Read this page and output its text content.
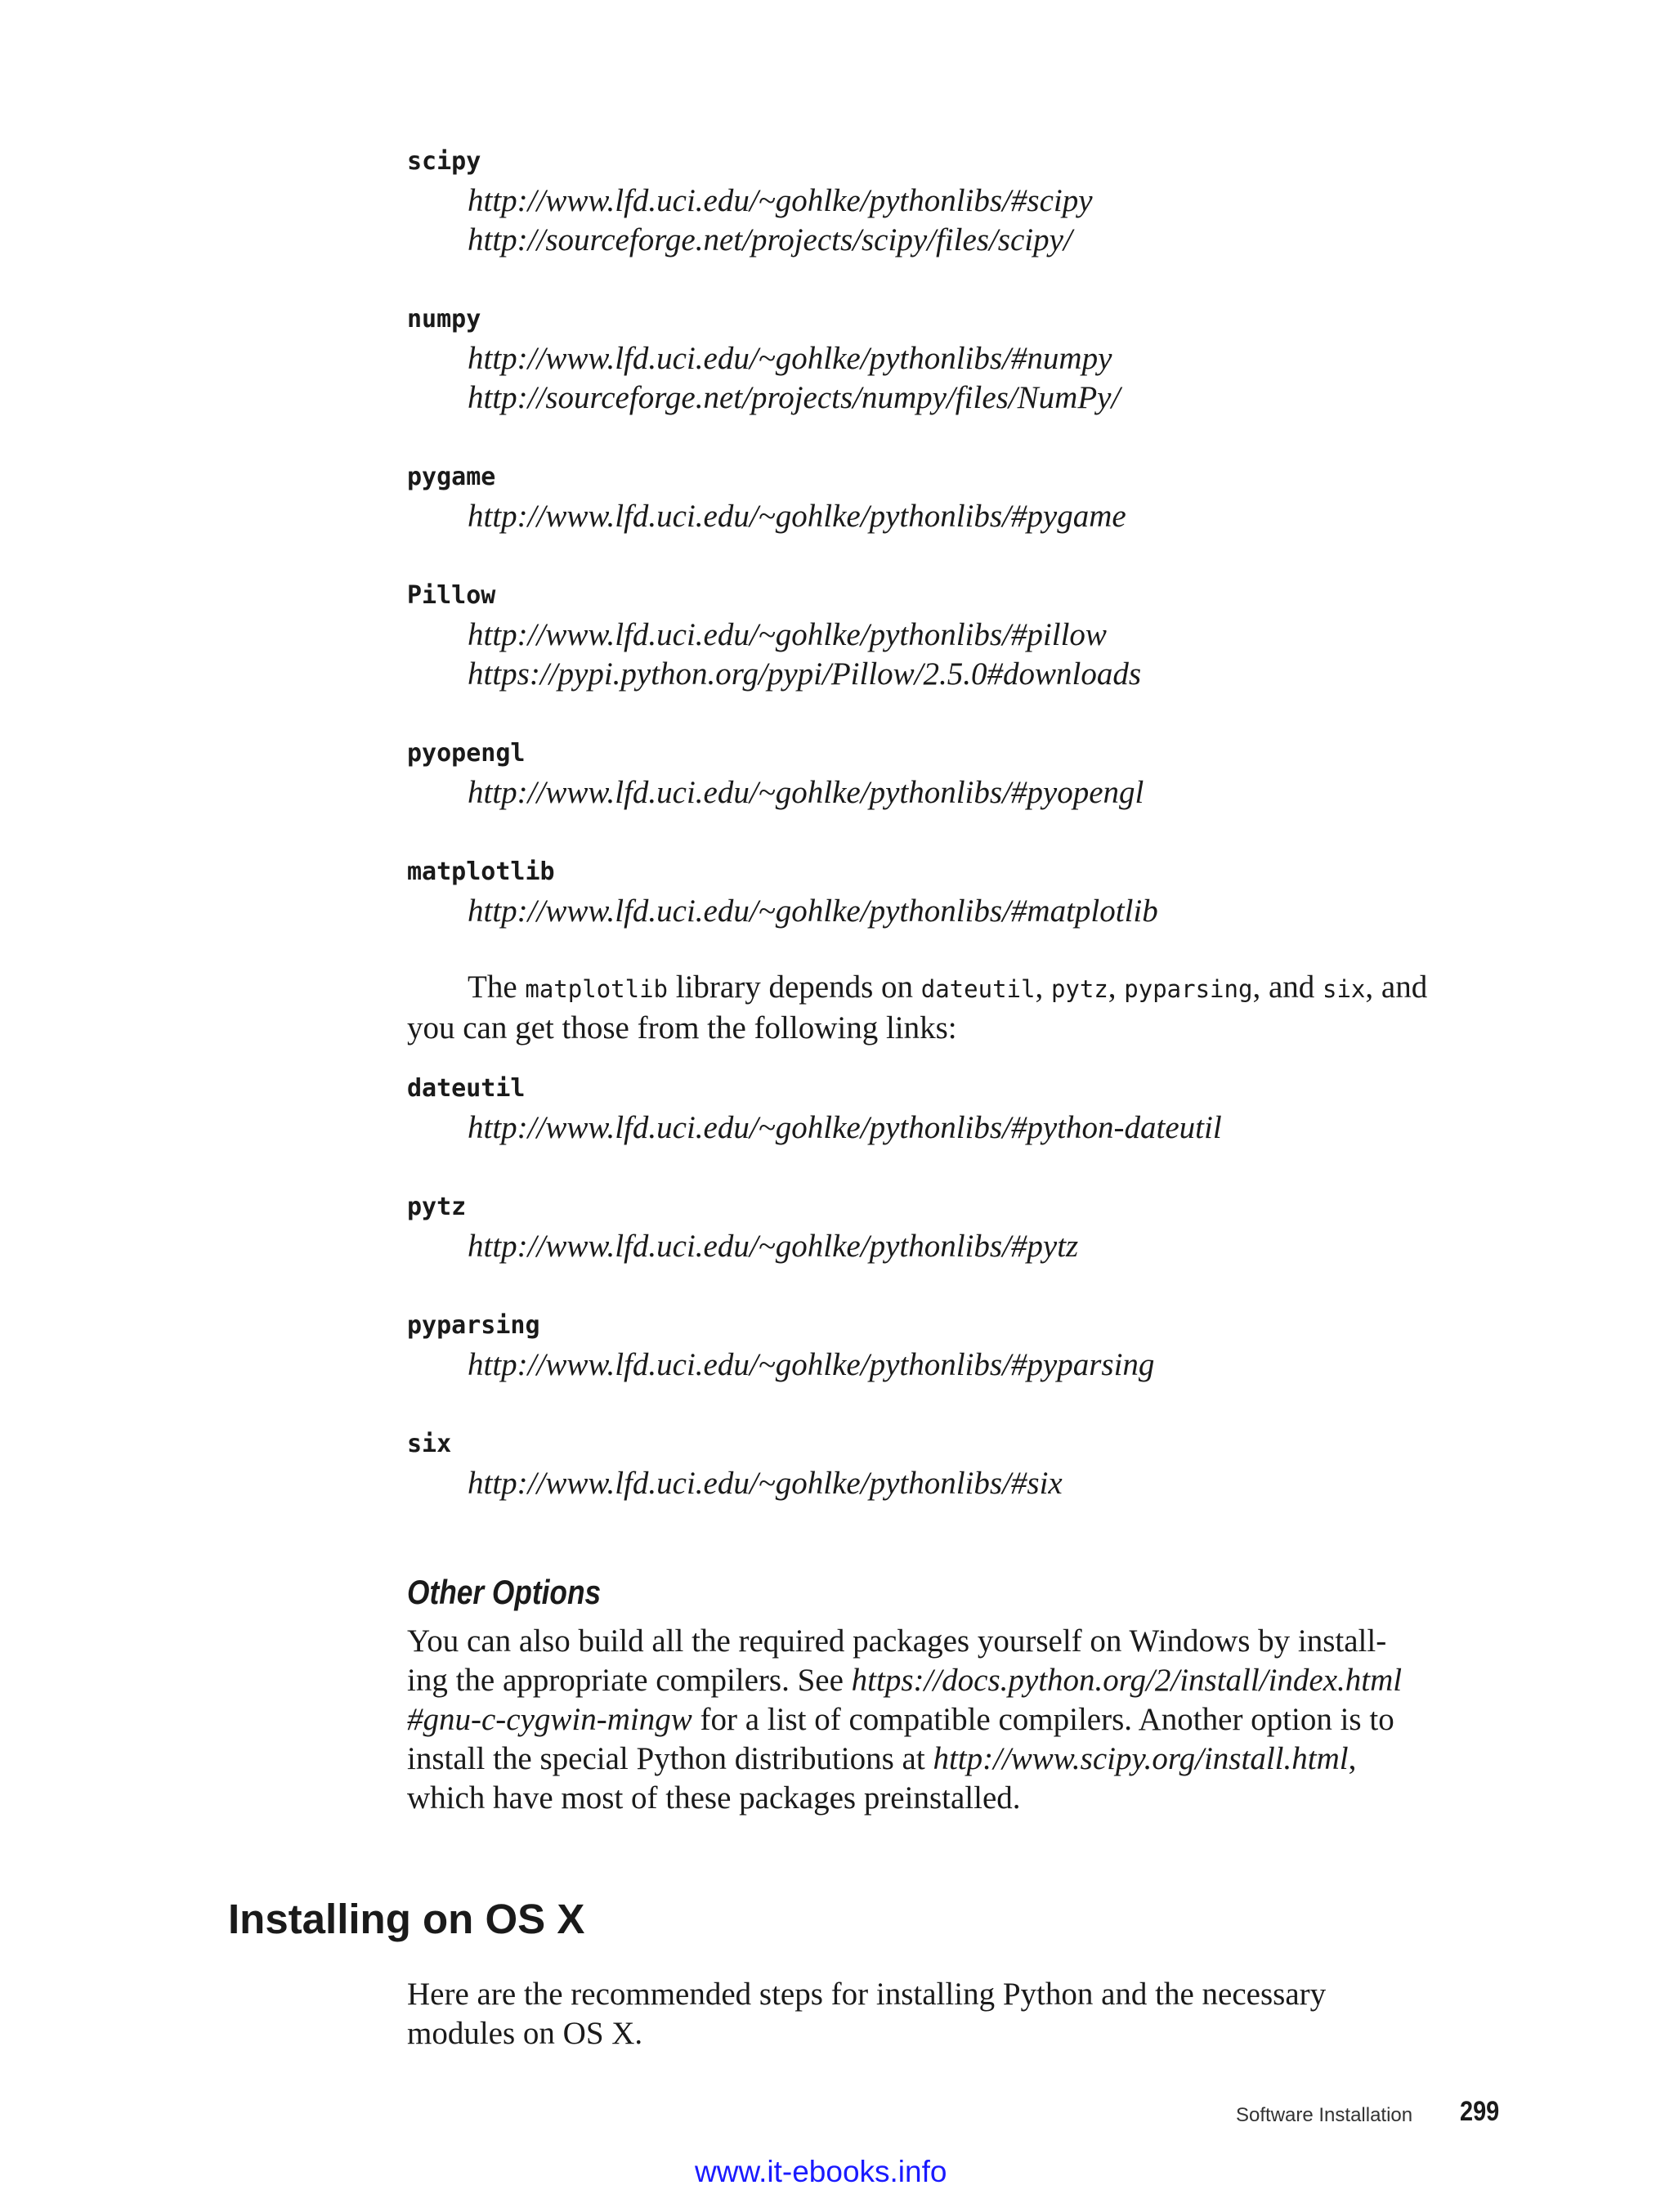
scipy
http://www.lfd.uci.edu/~gohlke/pythonlibs/#scipy
http://sourceforge.net/projects/scipy/files/scipy/
numpy
http://www.lfd.uci.edu/~gohlke/pythonlibs/#numpy
http://sourceforge.net/projects/numpy/files/NumPy/
pygame
http://www.lfd.uci.edu/~gohlke/pythonlibs/#pygame
Pillow
http://www.lfd.uci.edu/~gohlke/pythonlibs/#pillow
https://pypi.python.org/pypi/Pillow/2.5.0#downloads
pyopengl
http://www.lfd.uci.edu/~gohlke/pythonlibs/#pyopengl
matplotlib
http://www.lfd.uci.edu/~gohlke/pythonlibs/#matplotlib
The matplotlib library depends on dateutil, pytz, pyparsing, and six, and
you can get those from the following links:
dateutil
http://www.lfd.uci.edu/~gohlke/pythonlibs/#python-dateutil
pytz
http://www.lfd.uci.edu/~gohlke/pythonlibs/#pytz
pyparsing
http://www.lfd.uci.edu/~gohlke/pythonlibs/#pyparsing
six
http://www.lfd.uci.edu/~gohlke/pythonlibs/#six
Other Options
You can also build all the required packages yourself on Windows by install-
ing the appropriate compilers. See https://docs.python.org/2/install/index.html
#gnu-c-cygwin-mingw for a list of compatible compilers. Another option is to
install the special Python distributions at http://www.scipy.org/install.html,
which have most of these packages preinstalled.
Installing on OS X
Here are the recommended steps for installing Python and the necessary
modules on OS X.
Software Installation 299
www.it-ebooks.info
